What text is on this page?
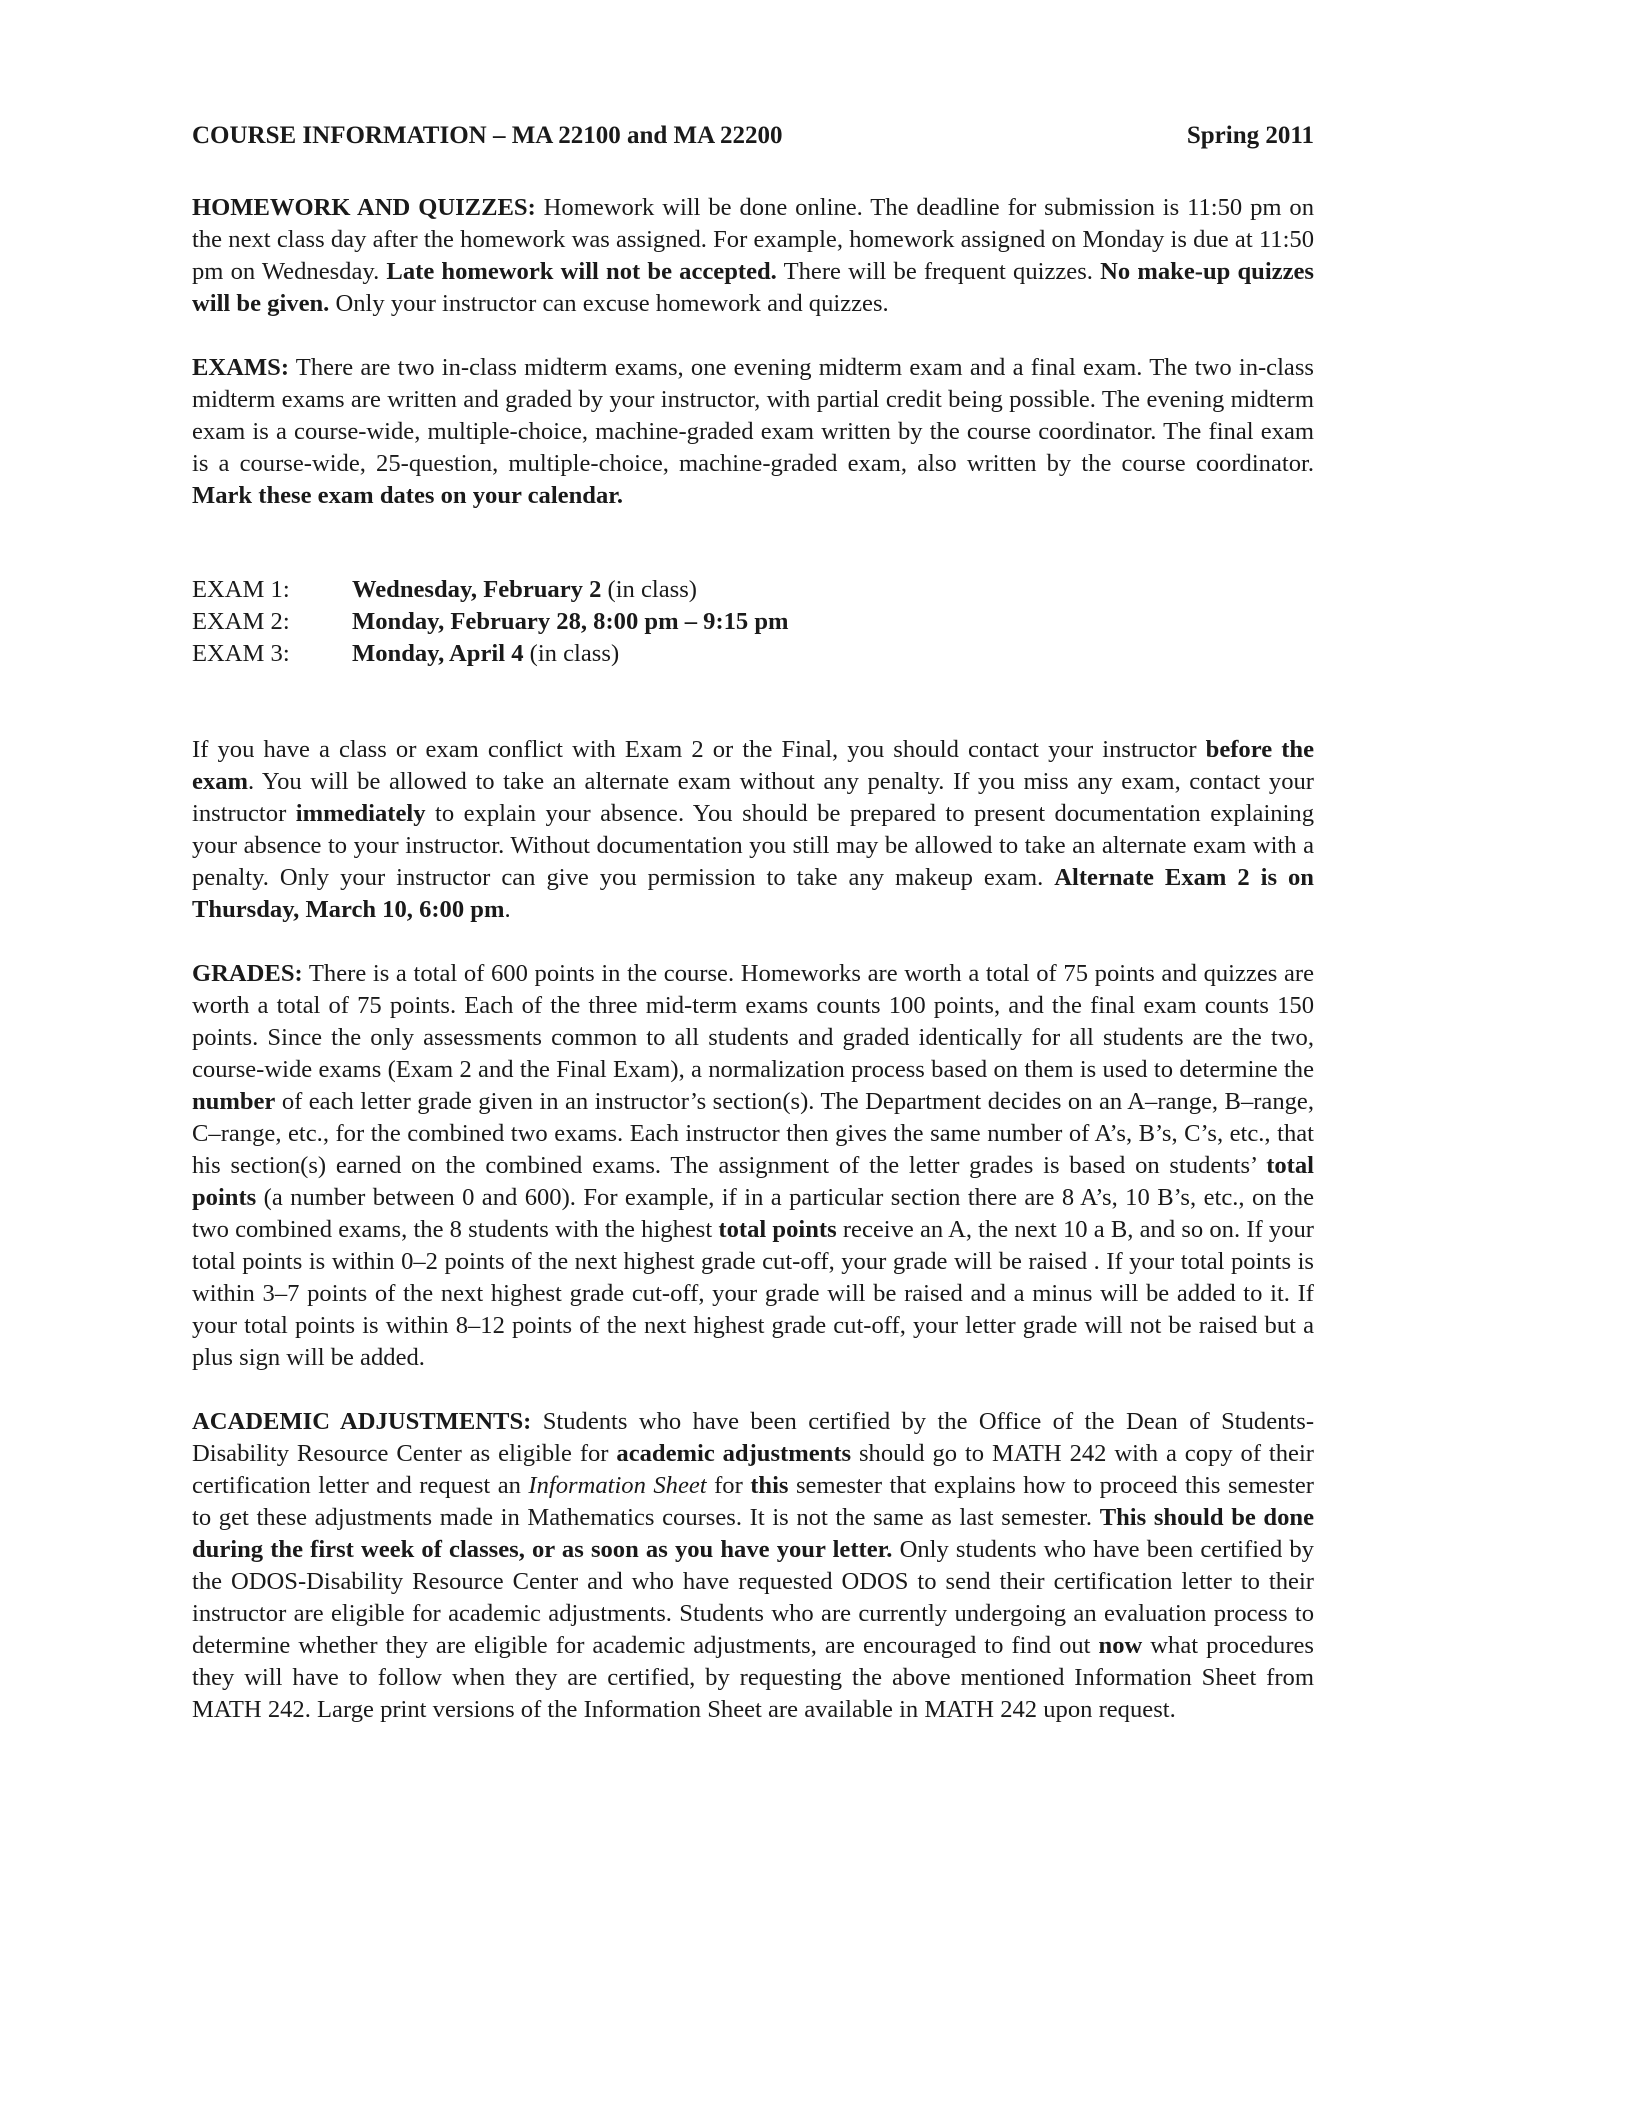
COURSE INFORMATION – MA 22100 and MA 22200	Spring 2011

HOMEWORK AND QUIZZES: Homework will be done online. The deadline for submission is 11:50 pm on the next class day after the homework was assigned. For example, homework assigned on Monday is due at 11:50 pm on Wednesday. Late homework will not be accepted. There will be frequent quizzes. No make-up quizzes will be given. Only your instructor can excuse homework and quizzes.

EXAMS: There are two in-class midterm exams, one evening midterm exam and a final exam. The two in-class midterm exams are written and graded by your instructor, with partial credit being possible. The evening midterm exam is a course-wide, multiple-choice, machine-graded exam written by the course coordinator. The final exam is a course-wide, 25-question, multiple-choice, machine-graded exam, also written by the course coordinator. Mark these exam dates on your calendar.

EXAM 1:	Wednesday, February 2 (in class)
EXAM 2:	Monday, February 28, 8:00 pm – 9:15 pm
EXAM 3:	Monday, April 4 (in class)

If you have a class or exam conflict with Exam 2 or the Final, you should contact your instructor before the exam. You will be allowed to take an alternate exam without any penalty. If you miss any exam, contact your instructor immediately to explain your absence. You should be prepared to present documentation explaining your absence to your instructor. Without documentation you still may be allowed to take an alternate exam with a penalty. Only your instructor can give you permission to take any makeup exam. Alternate Exam 2 is on Thursday, March 10, 6:00 pm.

GRADES: There is a total of 600 points in the course. Homeworks are worth a total of 75 points and quizzes are worth a total of 75 points. Each of the three mid-term exams counts 100 points, and the final exam counts 150 points. Since the only assessments common to all students and graded identically for all students are the two, course-wide exams (Exam 2 and the Final Exam), a normalization process based on them is used to determine the number of each letter grade given in an instructor’s section(s). The Department decides on an A–range, B–range, C–range, etc., for the combined two exams. Each instructor then gives the same number of A’s, B’s, C’s, etc., that his section(s) earned on the combined exams. The assignment of the letter grades is based on students’ total points (a number between 0 and 600). For example, if in a particular section there are 8 A’s, 10 B’s, etc., on the two combined exams, the 8 students with the highest total points receive an A, the next 10 a B, and so on. If your total points is within 0–2 points of the next highest grade cut-off, your grade will be raised . If your total points is within 3–7 points of the next highest grade cut-off, your grade will be raised and a minus will be added to it. If your total points is within 8–12 points of the next highest grade cut-off, your letter grade will not be raised but a plus sign will be added.

ACADEMIC ADJUSTMENTS: Students who have been certified by the Office of the Dean of Students-Disability Resource Center as eligible for academic adjustments should go to MATH 242 with a copy of their certification letter and request an Information Sheet for this semester that explains how to proceed this semester to get these adjustments made in Mathematics courses. It is not the same as last semester. This should be done during the first week of classes, or as soon as you have your letter. Only students who have been certified by the ODOS-Disability Resource Center and who have requested ODOS to send their certification letter to their instructor are eligible for academic adjustments. Students who are currently undergoing an evaluation process to determine whether they are eligible for academic adjustments, are encouraged to find out now what procedures they will have to follow when they are certified, by requesting the above mentioned Information Sheet from MATH 242. Large print versions of the Information Sheet are available in MATH 242 upon request.
